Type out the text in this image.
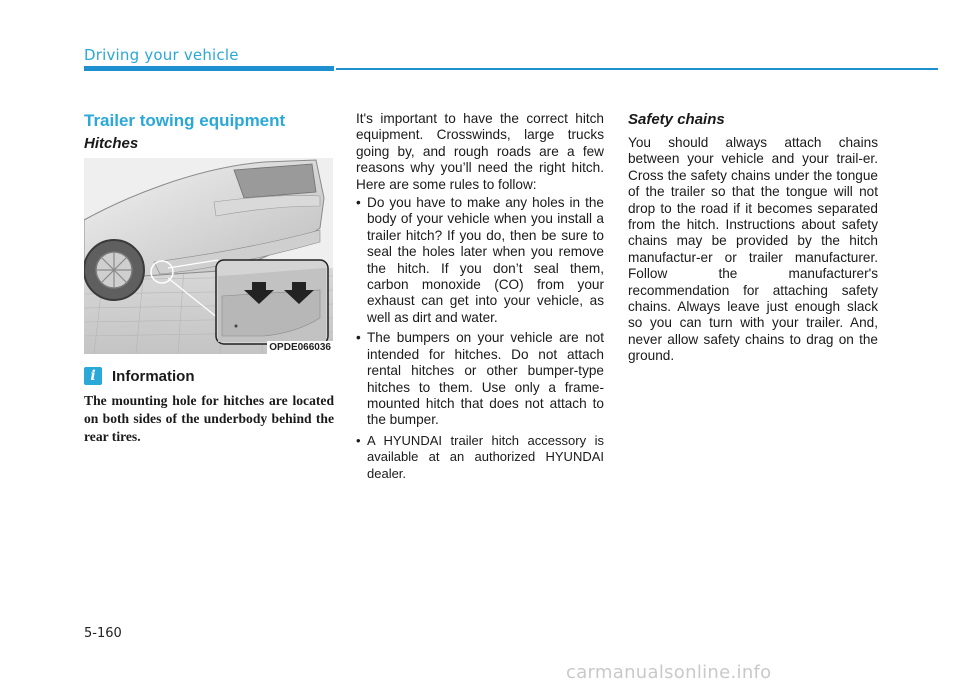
Driving your vehicle
Trailer towing equipment
Hitches
OPDE066036
i	Information
The mounting hole for hitches are located on both sides of the underbody behind the rear tires.

It's important to have the correct hitch equipment. Crosswinds, large trucks going by, and rough roads are a few reasons why you’ll need the right hitch. Here are some rules to follow:

• Do you have to make any holes in the body of your vehicle when you install a trailer hitch? If you do, then be sure to seal the holes later when you remove the hitch. If you don’t seal them, carbon monoxide (CO) from your exhaust can get into your vehicle, as well as dirt and water.
• The bumpers on your vehicle are not intended for hitches. Do not attach rental hitches or other bumper-type hitches to them. Use only a frame-mounted hitch that does not attach to the bumper.
• A HYUNDAI trailer hitch accessory is available at an authorized HYUNDAI dealer.
Safety chains
You should always attach chains between your vehicle and your trail-er. Cross the safety chains under the tongue of the trailer so that the tongue will not drop to the road if it becomes separated from the hitch. Instructions about safety chains may be provided by the hitch manufactur-er or trailer manufacturer. Follow the manufacturer's recommendation for attaching safety chains. Always leave just enough slack so you can turn with your trailer. And, never allow safety chains to drag on the ground.
5-160
carmanualsonline.info
